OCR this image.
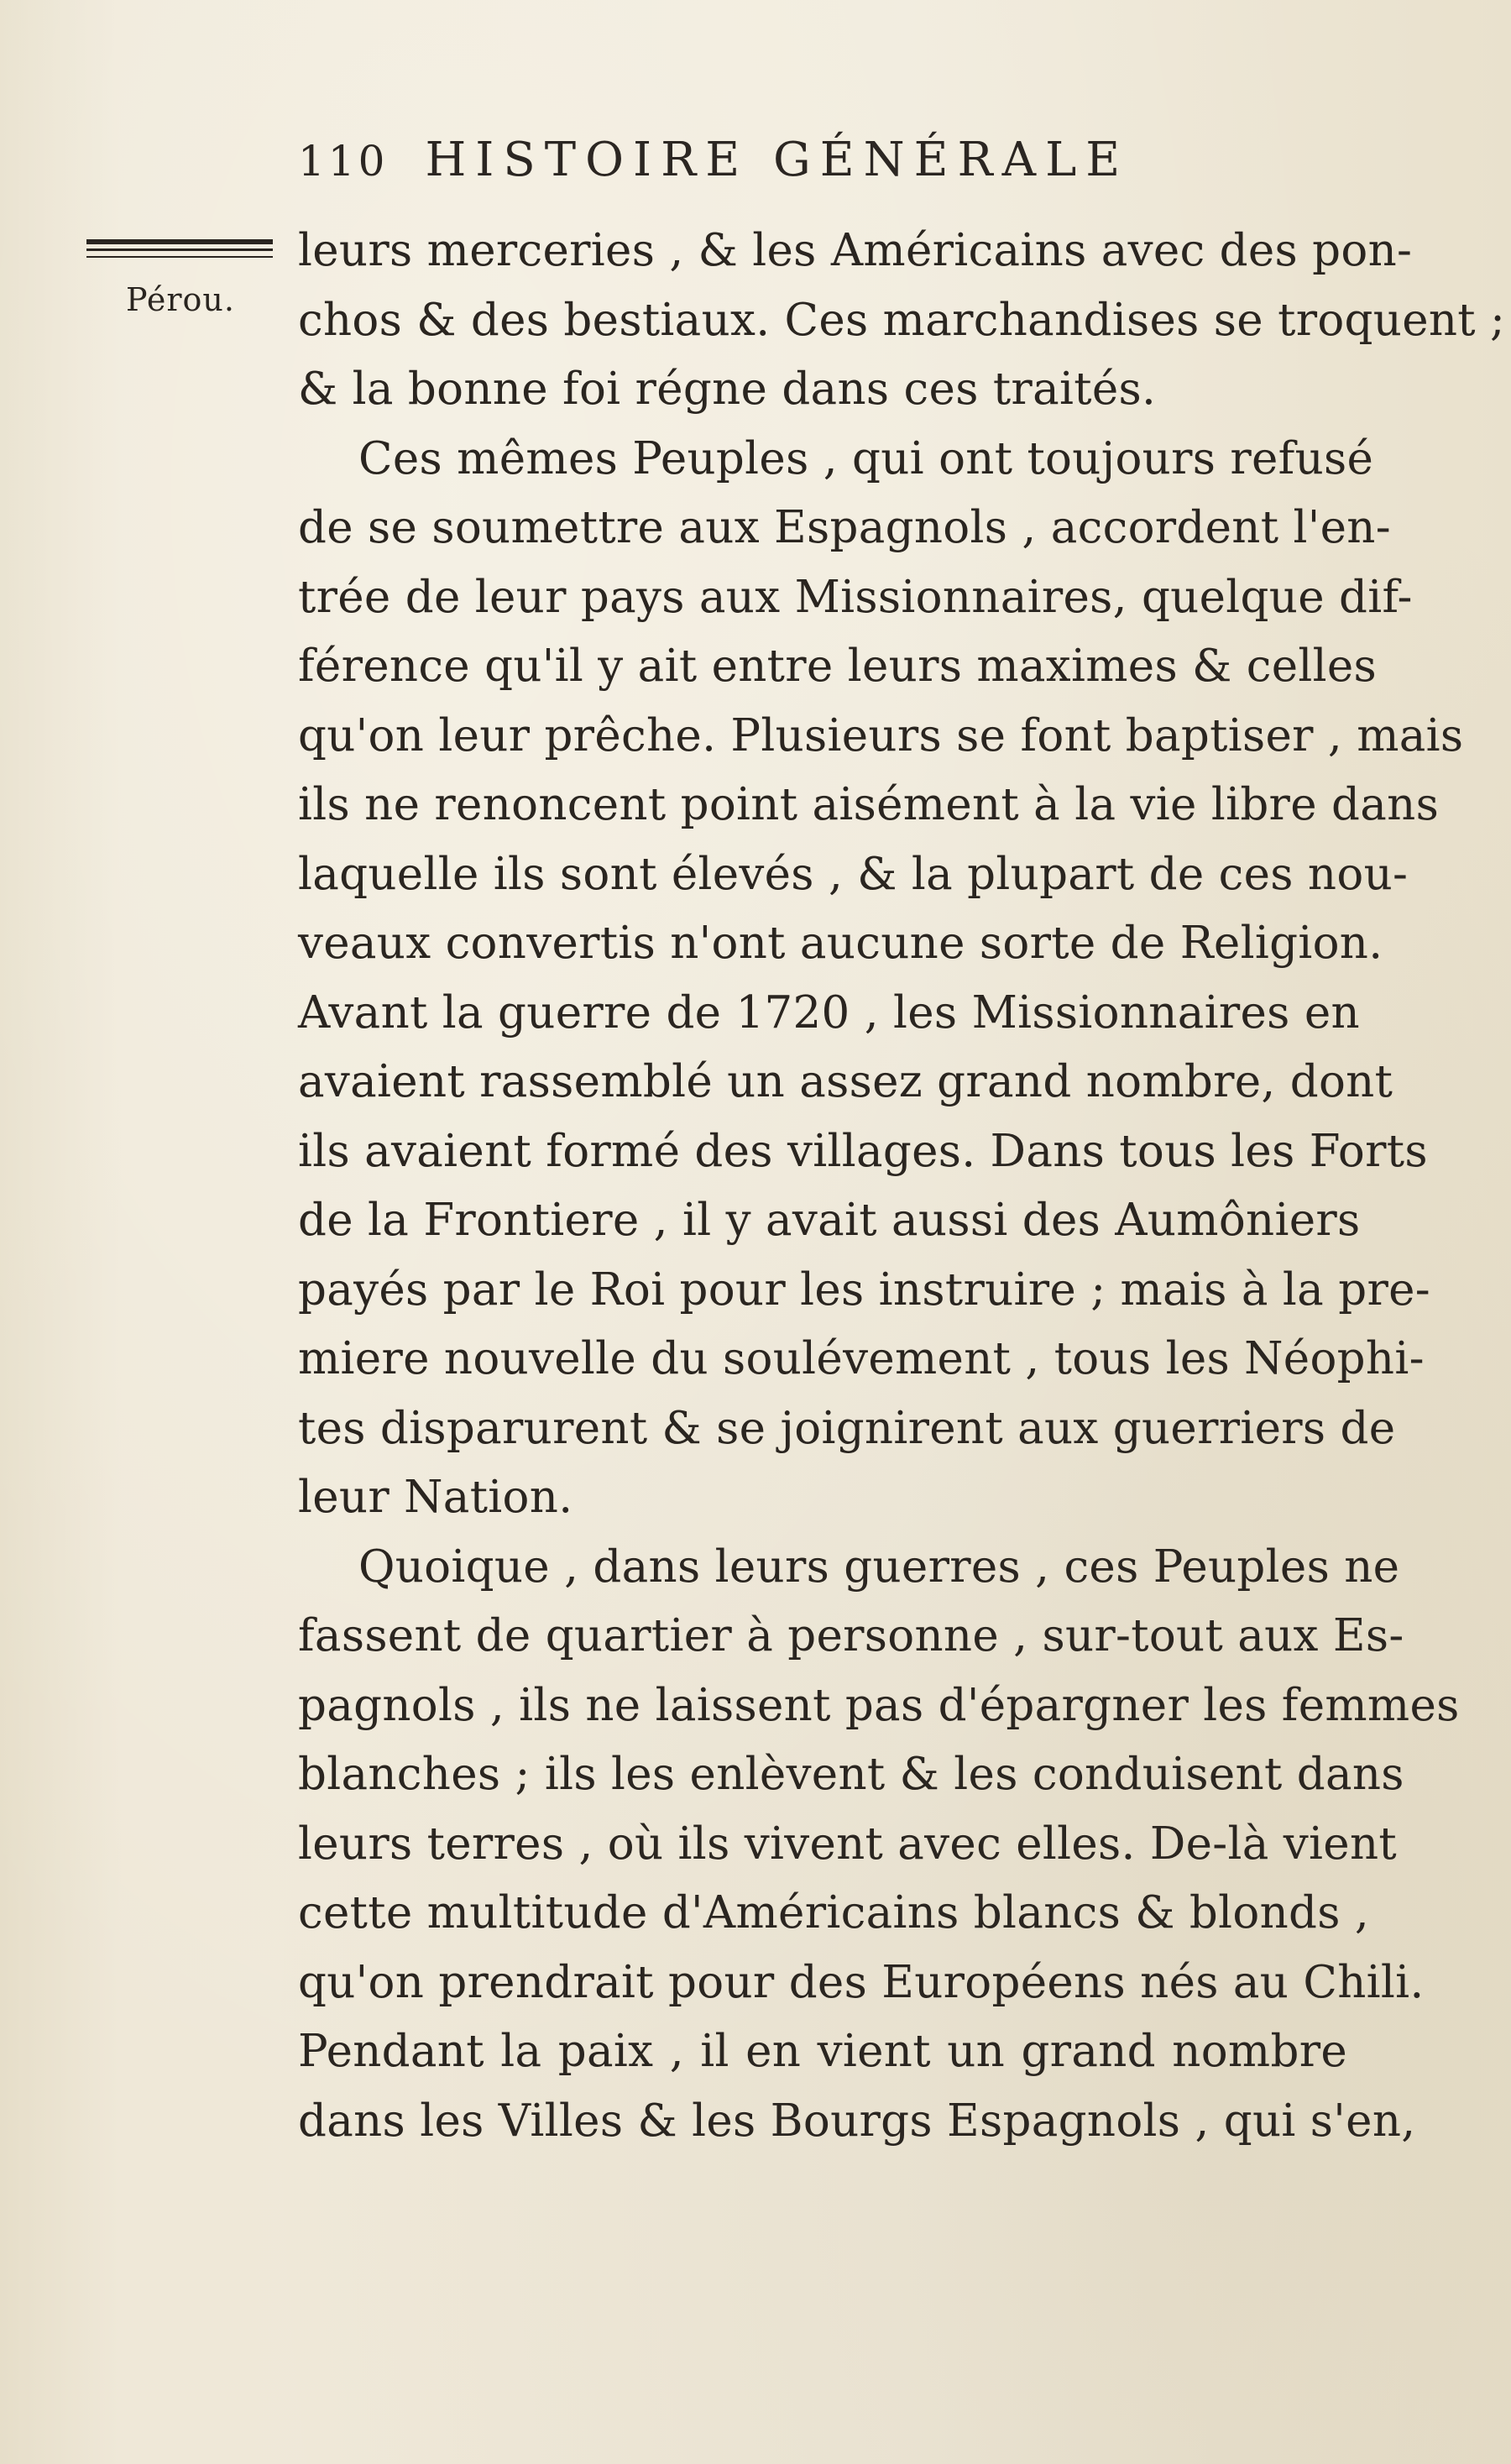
110 HISTOIRE GÉNÉRALE
Pérou.
leurs merceries , & les Américains avec des pon-
chos & des bestiaux. Ces marchandises se troquent ;
& la bonne foi régne dans ces traités.
Ces mêmes Peuples , qui ont toujours refusé
de se soumettre aux Espagnols , accordent l'en-
trée de leur pays aux Missionnaires, quelque dif-
férence qu'il y ait entre leurs maximes & celles
qu'on leur prêche. Plusieurs se font baptiser , mais
ils ne renoncent point aisément à la vie libre dans
laquelle ils sont élevés , & la plupart de ces nou-
veaux convertis n'ont aucune sorte de Religion.
Avant la guerre de 1720 , les Missionnaires en
avaient rassemblé un assez grand nombre, dont
ils avaient formé des villages. Dans tous les Forts
de la Frontiere , il y avait aussi des Aumôniers
payés par le Roi pour les instruire ; mais à la pre-
miere nouvelle du soulévement , tous les Néophi-
tes disparurent & se joignirent aux guerriers de
leur Nation.
Quoique , dans leurs guerres , ces Peuples ne
fassent de quartier à personne , sur-tout aux Es-
pagnols , ils ne laissent pas d'épargner les femmes
blanches ; ils les enlèvent & les conduisent dans
leurs terres , où ils vivent avec elles. De-là vient
cette multitude d'Américains blancs & blonds ,
qu'on prendrait pour des Européens nés au Chili.
Pendant la paix , il en vient un grand nombre
dans les Villes & les Bourgs Espagnols , qui s'en,
